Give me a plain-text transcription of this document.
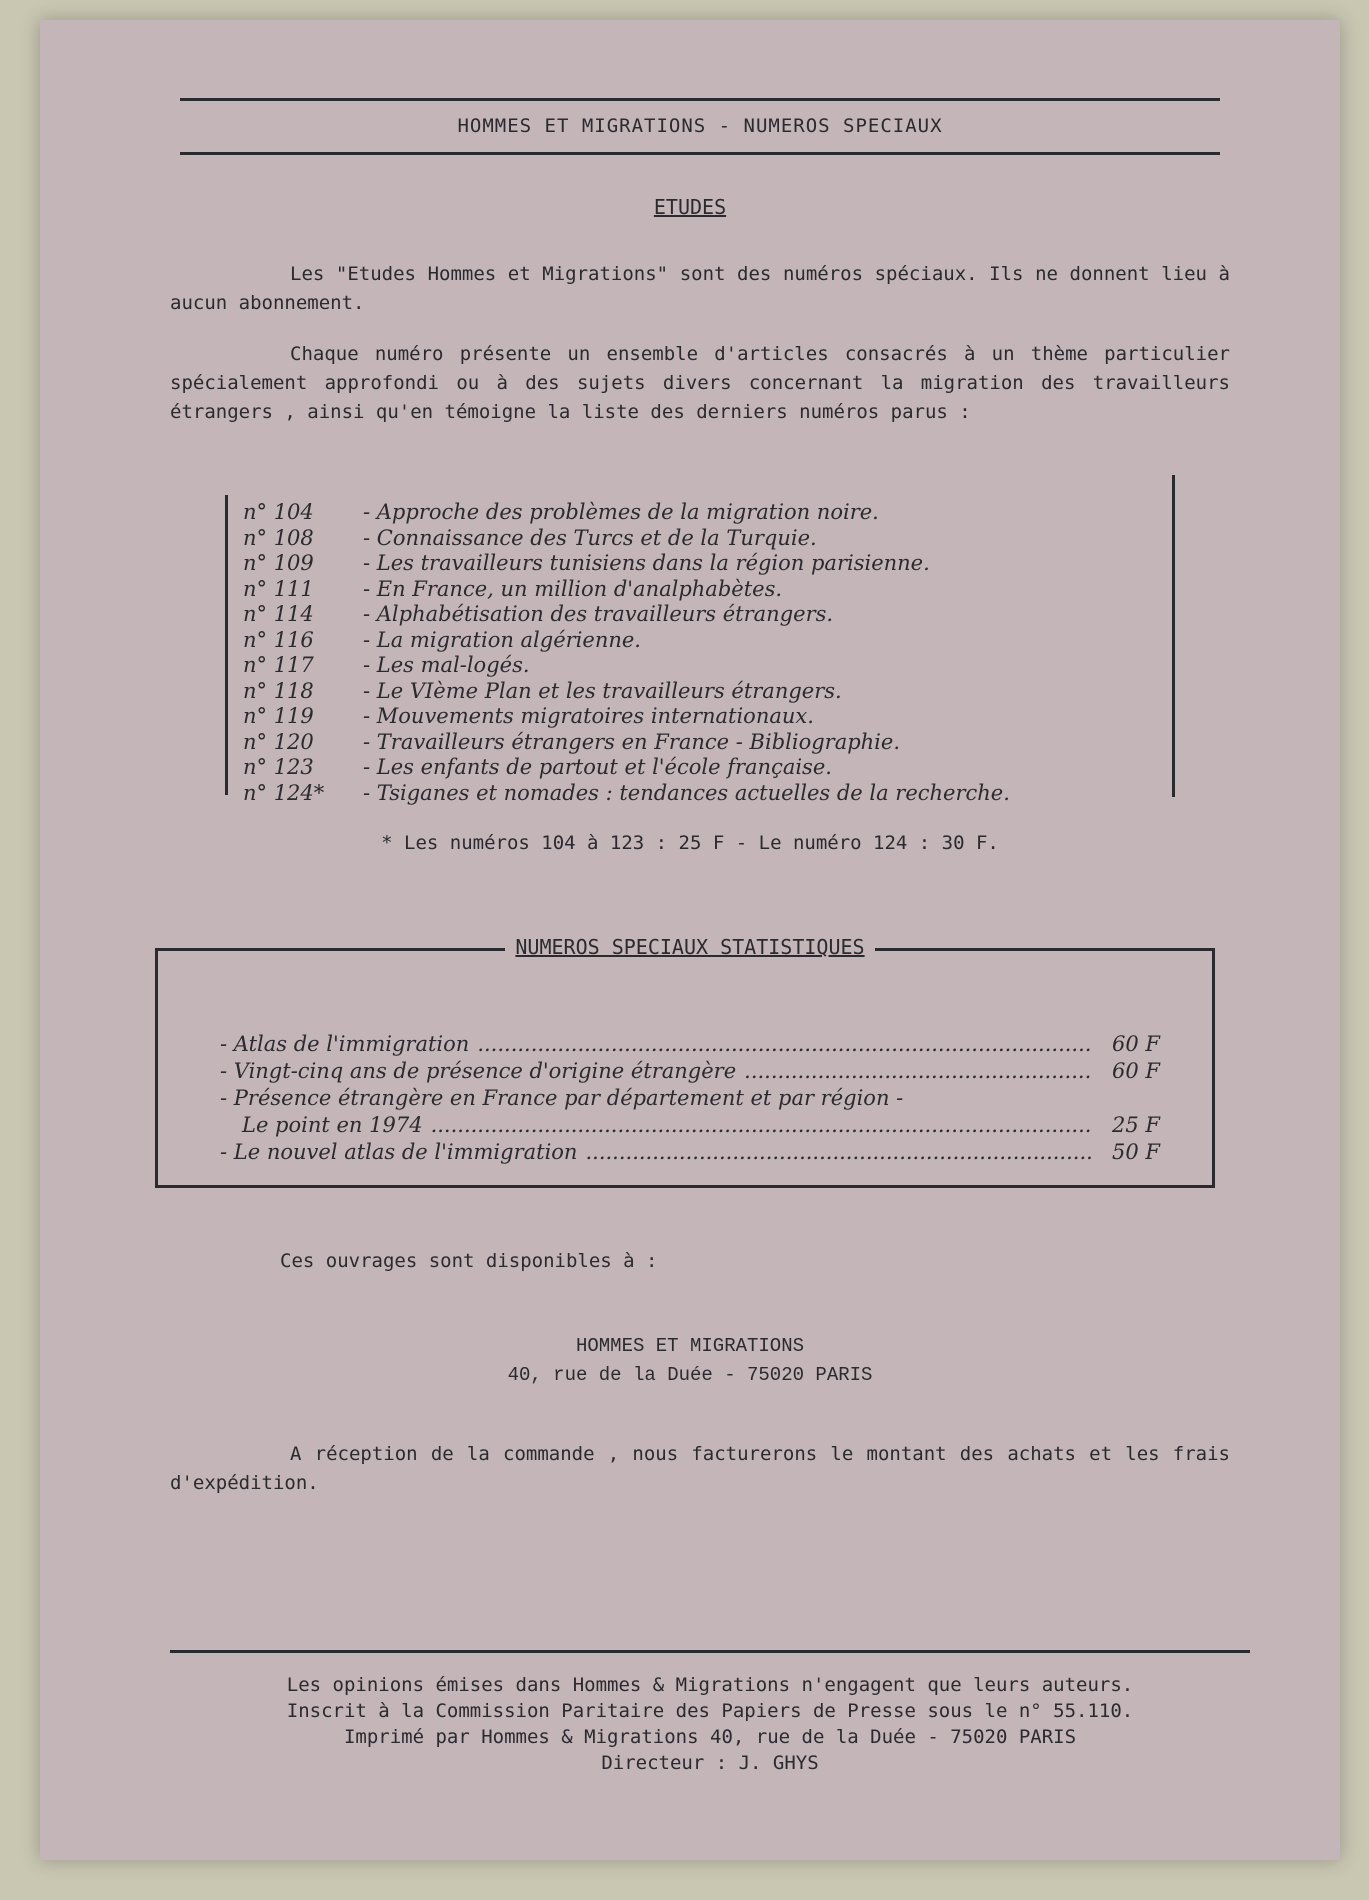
HOMMES ET MIGRATIONS - NUMEROS SPECIAUX
ETUDES
Les "Etudes Hommes et Migrations" sont des numéros spéciaux. Ils ne donnent lieu à aucun abonnement.
Chaque numéro présente un ensemble d'articles consacrés à un thème particulier spécialement approfondi ou à des sujets divers concernant la migration des travailleurs étrangers , ainsi qu'en témoigne la liste des derniers numéros parus :
n° 104 - Approche des problèmes de la migration noire.
n° 108 - Connaissance des Turcs et de la Turquie.
n° 109 - Les travailleurs tunisiens dans la région parisienne.
n° 111 - En France, un million d'analphabètes.
n° 114 - Alphabétisation des travailleurs étrangers.
n° 116 - La migration algérienne.
n° 117 - Les mal-logés.
n° 118 - Le VIème Plan et les travailleurs étrangers.
n° 119 - Mouvements migratoires internationaux.
n° 120 - Travailleurs étrangers en France - Bibliographie.
n° 123 - Les enfants de partout et l'école française.
n° 124* - Tsiganes et nomades : tendances actuelles de la recherche.
* Les numéros 104 à 123 : 25 F - Le numéro 124 : 30 F.
NUMEROS SPECIAUX STATISTIQUES
- Atlas de l'immigration .....	60 F
- Vingt-cinq ans de présence d'origine étrangère .....	60 F
- Présence étrangère en France par département et par région -
Le point en 1974 .....	25 F
- Le nouvel atlas de l'immigration .....	50 F
Ces ouvrages sont disponibles à :
HOMMES ET MIGRATIONS
40, rue de la Duée - 75020 PARIS
A réception de la commande , nous facturerons le montant des achats et les frais d'expédition.
Les opinions émises dans Hommes & Migrations n'engagent que leurs auteurs.
Inscrit à la Commission Paritaire des Papiers de Presse sous le n° 55.110.
Imprimé par Hommes & Migrations 40, rue de la Duée - 75020 PARIS
Directeur : J. GHYS
